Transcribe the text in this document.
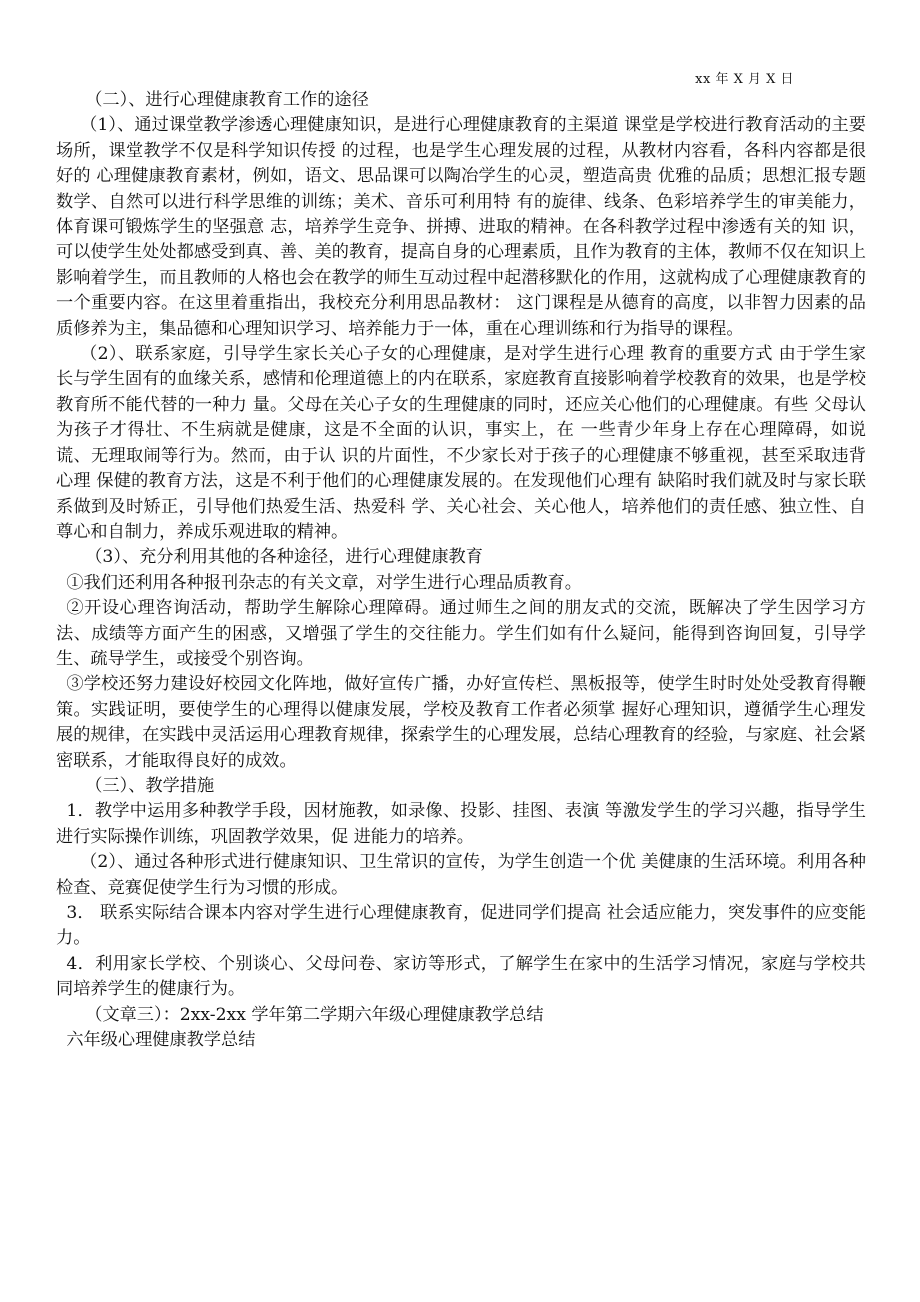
xx 年 X 月 X 日

（二）、进行心理健康教育工作的途径

（1）、通过课堂教学渗透心理健康知识，是进行心理健康教育的主渠道 课堂是学校进行教育活动的主要场所，课堂教学不仅是科学知识传授 的过程，也是学生心理发展的过程，从教材内容看，各科内容都是很好的 心理健康教育素材，例如，语文、思品课可以陶冶学生的心灵，塑造高贵 优雅的品质；思想汇报专题数学、自然可以进行科学思维的训练；美术、音乐可利用特 有的旋律、线条、色彩培养学生的审美能力，体育课可锻炼学生的坚强意 志，培养学生竞争、拼搏、进取的精神。在各科教学过程中渗透有关的知 识，可以使学生处处都感受到真、善、美的教育，提高自身的心理素质，且作为教育的主体，教师不仅在知识上影响着学生，而且教师的人格也会在教学的师生互动过程中起潜移默化的作用，这就构成了心理健康教育的 一个重要内容。在这里着重指出，我校充分利用思品教材： 这门课程是从德育的高度，以非智力因素的品质修养为主，集品德和心理知识学习、培养能力于一体，重在心理训练和行为指导的课程。

（2）、联系家庭，引导学生家长关心子女的心理健康，是对学生进行心理 教育的重要方式 由于学生家长与学生固有的血缘关系，感情和伦理道德上的内在联系，家庭教育直接影响着学校教育的效果，也是学校教育所不能代替的一种力 量。父母在关心子女的生理健康的同时，还应关心他们的心理健康。有些 父母认为孩子才得壮、不生病就是健康，这是不全面的认识，事实上，在 一些青少年身上存在心理障碍，如说谎、无理取闹等行为。然而，由于认 识的片面性，不少家长对于孩子的心理健康不够重视，甚至采取违背心理 保健的教育方法，这是不利于他们的心理健康发展的。在发现他们心理有 缺陷时我们就及时与家长联系做到及时矫正，引导他们热爱生活、热爱科 学、关心社会、关心他人，培养他们的责任感、独立性、自尊心和自制力，养成乐观进取的精神。

（3）、充分利用其他的各种途径，进行心理健康教育

①我们还利用各种报刊杂志的有关文章，对学生进行心理品质教育。

②开设心理咨询活动，帮助学生解除心理障碍。通过师生之间的朋友式的交流，既解决了学生因学习方法、成绩等方面产生的困惑，又增强了学生的交往能力。学生们如有什么疑问，能得到咨询回复，引导学生、疏导学生，或接受个别咨询。

③学校还努力建设好校园文化阵地，做好宣传广播，办好宣传栏、黑板报等，使学生时时处处受教育得鞭策。实践证明，要使学生的心理得以健康发展，学校及教育工作者必须掌 握好心理知识，遵循学生心理发展的规律，在实践中灵活运用心理教育规律，探索学生的心理发展，总结心理教育的经验，与家庭、社会紧密联系，才能取得良好的成效。

（三）、教学措施

1．教学中运用多种教学手段，因材施教，如录像、投影、挂图、表演 等激发学生的学习兴趣，指导学生进行实际操作训练，巩固教学效果，促 进能力的培养。

（2）、通过各种形式进行健康知识、卫生常识的宣传，为学生创造一个优 美健康的生活环境。利用各种检查、竞赛促使学生行为习惯的形成。

3． 联系实际结合课本内容对学生进行心理健康教育，促进同学们提高 社会适应能力，突发事件的应变能力。

4．利用家长学校、个别谈心、父母问卷、家访等形式，了解学生在家中的生活学习情况，家庭与学校共同培养学生的健康行为。

（文章三）：2xx-2xx 学年第二学期六年级心理健康教学总结

六年级心理健康教学总结
